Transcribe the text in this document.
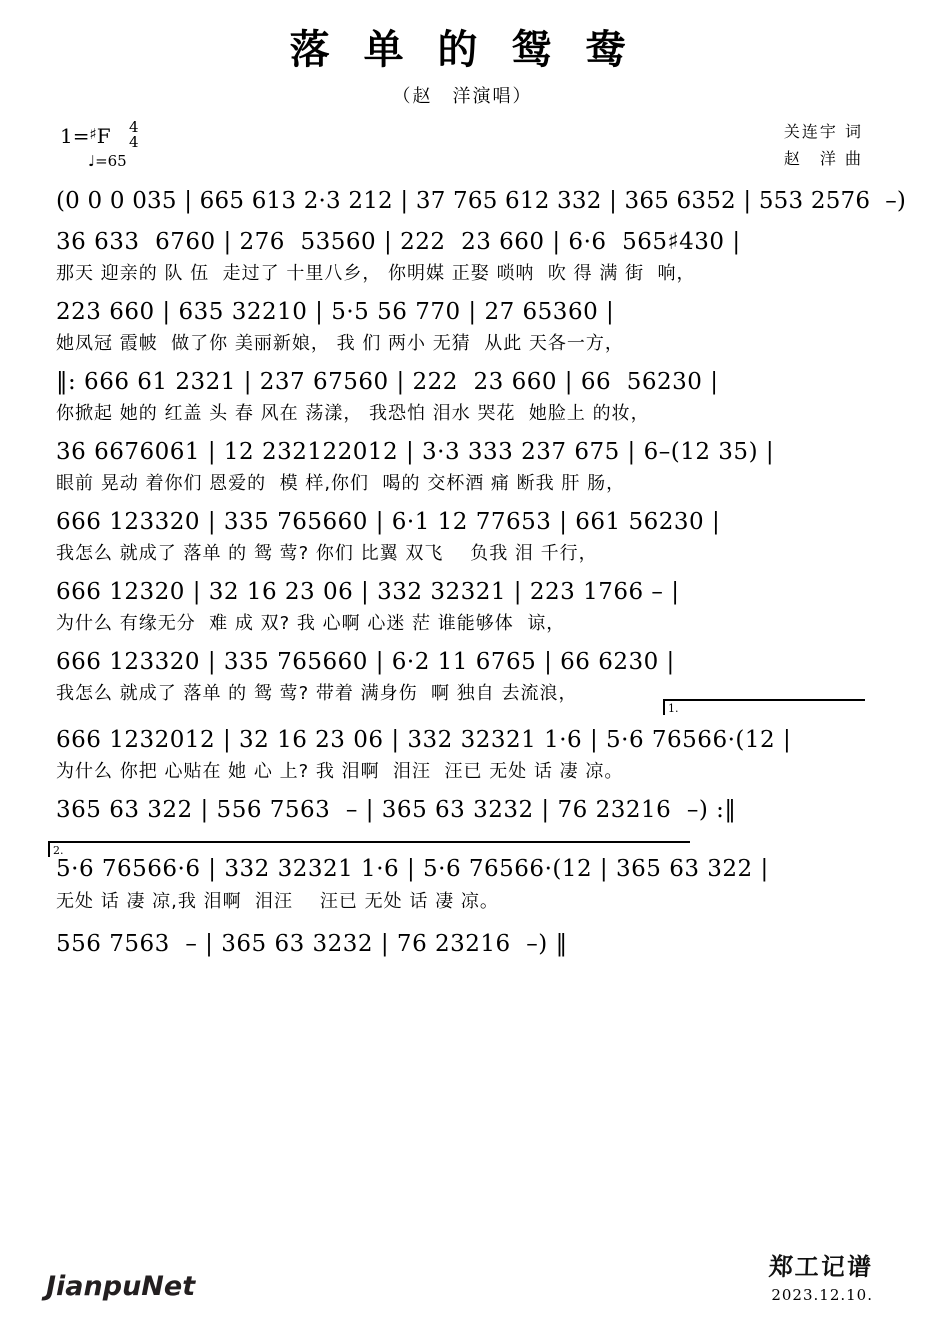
落 单 的 鸳 鸯
（赵　洋演唱）
1=♯F 4
4
♩=65
关连宇 词
赵　洋 曲
(0 0 0 035 | 665 613 2·3 212 | 37 765 612 332 | 365 6352 | 553 2576  –)
36 633  6760 | 276  53560 | 222  23 660 | 6·6  565♯430 |
那天 迎亲的 队 伍  走过了 十里八乡， 你明媒 正娶 唢呐  吹 得 满 街  响，
223 660 | 635 32210 | 5·5 56 770 | 27 65360 |
她凤冠 霞帔  做了你 美丽新娘， 我 们 两小 无猜  从此 天各一方，
‖: 666 61 2321 | 237 67560 | 222  23 660 | 66  56230 |
你掀起 她的 红盖 头 春 风在 荡漾， 我恐怕 泪水 哭花  她脸上 的妆，
36 6676061 | 12 232122012 | 3·3 333 237 675 | 6–(12 35) |
眼前 晃动 着你们 恩爱的  模 样,你们  喝的 交杯酒 痛 断我 肝 肠，
666 123320 | 335 765660 | 6·1 12 77653 | 661 56230 |
我怎么 就成了 落单 的 鸳 莺? 你们 比翼 双飞    负我 泪 千行，
666 12320 | 32 16 23 06 | 332 32321 | 223 1766 – |
为什么 有缘无分  难 成 双? 我 心啊 心迷 茫 谁能够体  谅，
666 123320 | 335 765660 | 6·2 11 6765 | 66 6230 |
我怎么 就成了 落单 的 鸳 莺? 带着 满身伤  啊 独自 去流浪，
1.
666 1232012 | 32 16 23 06 | 332 32321 1·6 | 5·6 76566·(12 |
为什么 你把 心贴在 她 心 上? 我 泪啊  泪汪  汪已 无处 话 凄 凉。
365 63 322 | 556 7563  – | 365 63 3232 | 76 23216  –) :‖
2.
5·6 76566·6 | 332 32321 1·6 | 5·6 76566·(12 | 365 63 322 |
无处 话 凄 凉,我 泪啊  泪汪    汪已 无处 话 凄 凉。
556 7563  – | 365 63 3232 | 76 23216  –) ‖
JianpuNet
郑工记谱
2023.12.10.
